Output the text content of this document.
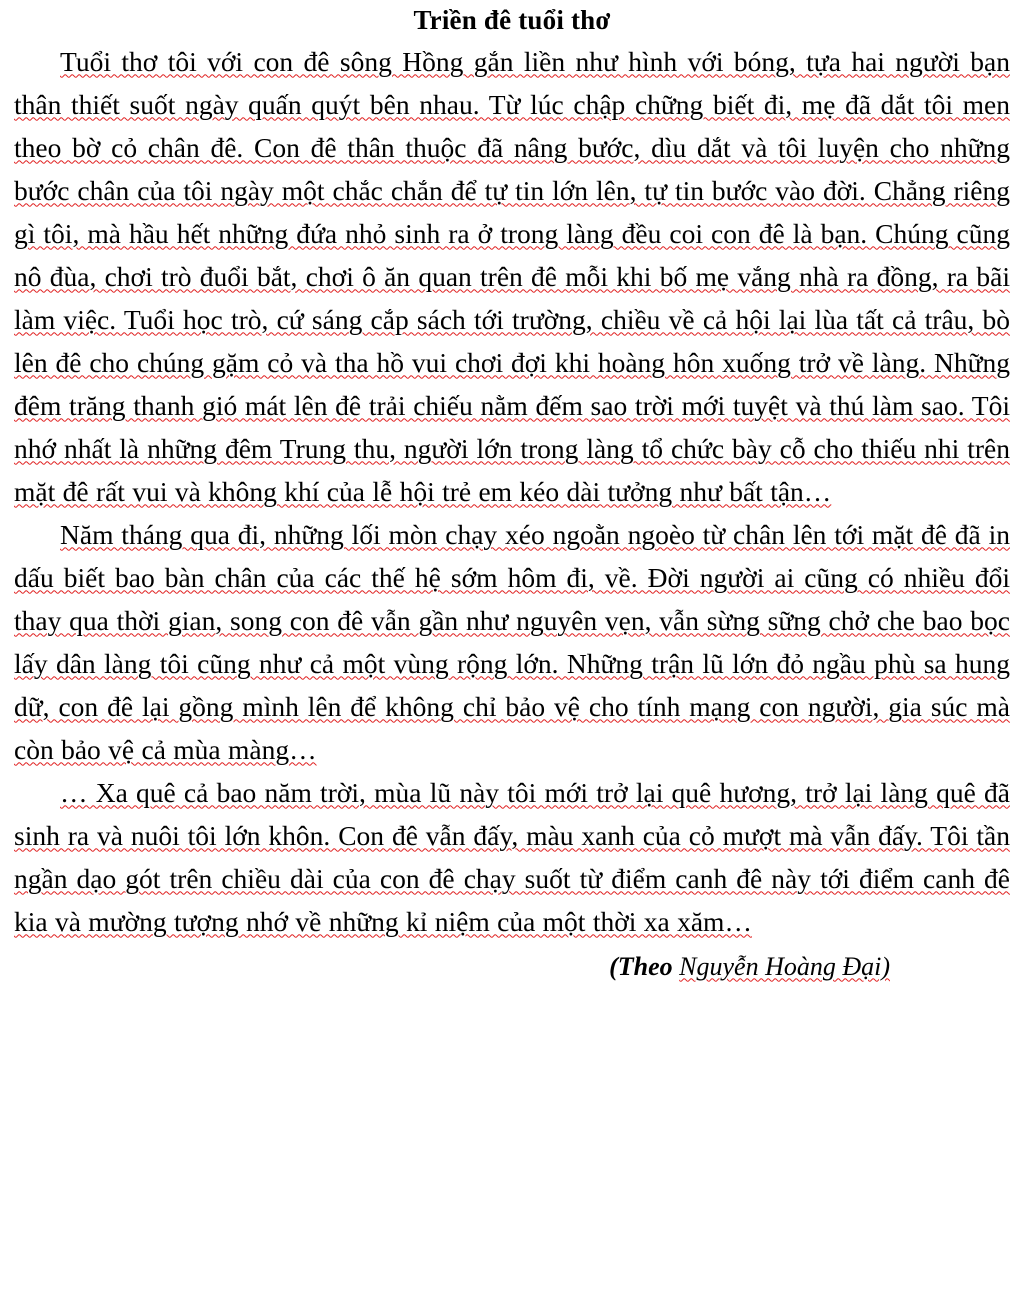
Triền đê tuổi thơ

Tuổi thơ tôi với con đê sông Hồng gắn liền như hình với bóng, tựa hai người bạn thân thiết suốt ngày quấn quýt bên nhau. Từ lúc chập chững biết đi, mẹ đã dắt tôi men theo bờ cỏ chân đê. Con đê thân thuộc đã nâng bước, dìu dắt và tôi luyện cho những bước chân của tôi ngày một chắc chắn để tự tin lớn lên, tự tin bước vào đời. Chẳng riêng gì tôi, mà hầu hết những đứa nhỏ sinh ra ở trong làng đều coi con đê là bạn. Chúng cũng nô đùa, chơi trò đuổi bắt, chơi ô ăn quan trên đê mỗi khi bố mẹ vắng nhà ra đồng, ra bãi làm việc. Tuổi học trò, cứ sáng cắp sách tới trường, chiều về cả hội lại lùa tất cả trâu, bò lên đê cho chúng gặm cỏ và tha hồ vui chơi đợi khi hoàng hôn xuống trở về làng. Những đêm trăng thanh gió mát lên đê trải chiếu nằm đếm sao trời mới tuyệt và thú làm sao. Tôi nhớ nhất là những đêm Trung thu, người lớn trong làng tổ chức bày cỗ cho thiếu nhi trên mặt đê rất vui và không khí của lễ hội trẻ em kéo dài tưởng như bất tận…

Năm tháng qua đi, những lối mòn chạy xéo ngoằn ngoèo từ chân lên tới mặt đê đã in dấu biết bao bàn chân của các thế hệ sớm hôm đi, về. Đời người ai cũng có nhiều đổi thay qua thời gian, song con đê vẫn gần như nguyên vẹn, vẫn sừng sững chở che bao bọc lấy dân làng tôi cũng như cả một vùng rộng lớn. Những trận lũ lớn đỏ ngầu phù sa hung dữ, con đê lại gồng mình lên để không chỉ bảo vệ cho tính mạng con người, gia súc mà còn bảo vệ cả mùa màng…

… Xa quê cả bao năm trời, mùa lũ này tôi mới trở lại quê hương, trở lại làng quê đã sinh ra và nuôi tôi lớn khôn. Con đê vẫn đấy, màu xanh của cỏ mượt mà vẫn đấy. Tôi tần ngần dạo gót trên chiều dài của con đê chạy suốt từ điểm canh đê này tới điểm canh đê kia và mường tượng nhớ về những kỉ niệm của một thời xa xăm…

(Theo Nguyễn Hoàng Đại)
